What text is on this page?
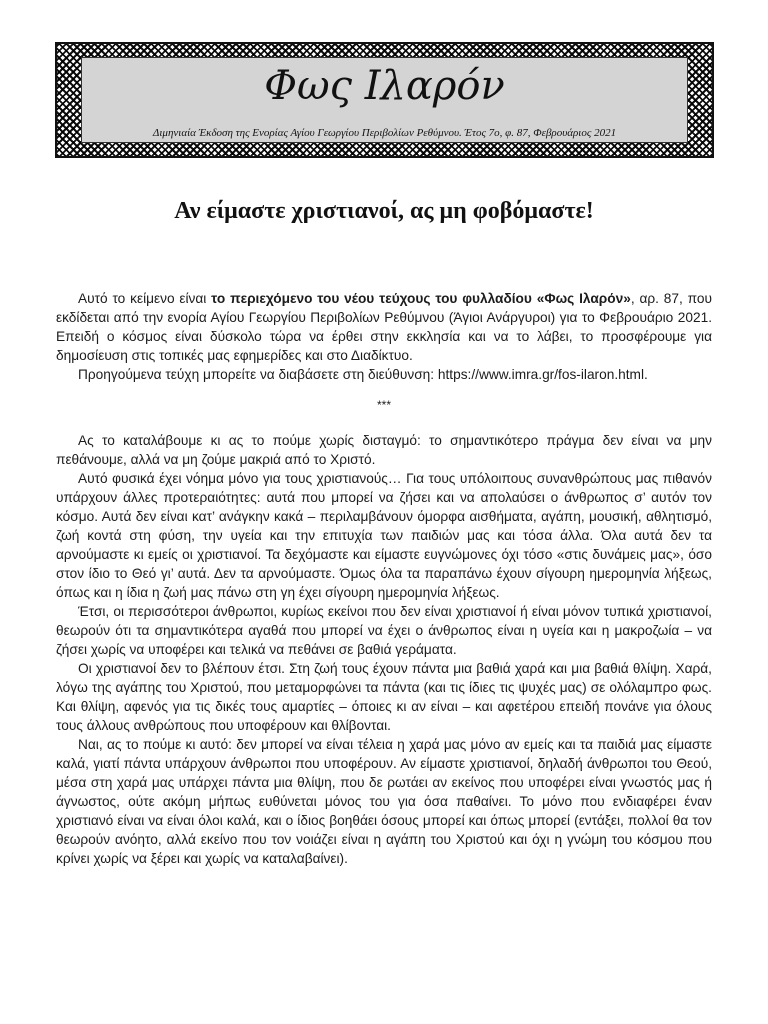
Φως Ιλαρόν
Διμηνιαία Έκδοση της Ενορίας Αγίου Γεωργίου Περιβολίων Ρεθύμνου. Έτος 7ο, φ. 87, Φεβρουάριος 2021
Αν είμαστε χριστιανοί, ας μη φοβόμαστε!

Αυτό το κείμενο είναι το περιεχόμενο του νέου τεύχους του φυλλαδίου «Φως Ιλαρόν», αρ. 87, που εκδίδεται από την ενορία Αγίου Γεωργίου Περιβολίων Ρεθύμνου (Άγιοι Ανάργυροι) για το Φεβρουάριο 2021. Επειδή ο κόσμος είναι δύσκολο τώρα να έρθει στην εκκλησία και να το λάβει, το προσφέρουμε για δημοσίευση στις τοπικές μας εφημερίδες και στο Διαδίκτυο.

Προηγούμενα τεύχη μπορείτε να διαβάσετε στη διεύθυνση: https://www.imra.gr/fos-ilaron.html.

***

Ας το καταλάβουμε κι ας το πούμε χωρίς δισταγμό: το σημαντικότερο πράγμα δεν είναι να μην πεθάνουμε, αλλά να μη ζούμε μακριά από το Χριστό.

Αυτό φυσικά έχει νόημα μόνο για τους χριστιανούς… Για τους υπόλοιπους συνανθρώπους μας πιθανόν υπάρχουν άλλες προτεραιότητες: αυτά που μπορεί να ζήσει και να απολαύσει ο άνθρωπος σ’ αυτόν τον κόσμο. Αυτά δεν είναι κατ’ ανάγκην κακά – περιλαμβάνουν όμορφα αισθήματα, αγάπη, μουσική, αθλητισμό, ζωή κοντά στη φύση, την υγεία και την επιτυχία των παιδιών μας και τόσα άλλα. Όλα αυτά δεν τα αρνούμαστε κι εμείς οι χριστιανοί. Τα δεχόμαστε και είμαστε ευγνώμονες όχι τόσο «στις δυνάμεις μας», όσο στον ίδιο το Θεό γι’ αυτά. Δεν τα αρνούμαστε. Όμως όλα τα παραπάνω έχουν σίγουρη ημερομηνία λήξεως, όπως και η ίδια η ζωή μας πάνω στη γη έχει σίγουρη ημερομηνία λήξεως.

Έτσι, οι περισσότεροι άνθρωποι, κυρίως εκείνοι που δεν είναι χριστιανοί ή είναι μόνον τυπικά χριστιανοί, θεωρούν ότι τα σημαντικότερα αγαθά που μπορεί να έχει ο άνθρωπος είναι η υγεία και η μακροζωία – να ζήσει χωρίς να υποφέρει και τελικά να πεθάνει σε βαθιά γεράματα.

Οι χριστιανοί δεν το βλέπουν έτσι. Στη ζωή τους έχουν πάντα μια βαθιά χαρά και μια βαθιά θλίψη. Χαρά, λόγω της αγάπης του Χριστού, που μεταμορφώνει τα πάντα (και τις ίδιες τις ψυχές μας) σε ολόλαμπρο φως. Και θλίψη, αφενός για τις δικές τους αμαρτίες – όποιες κι αν είναι – και αφετέρου επειδή πονάνε για όλους τους άλλους ανθρώπους που υποφέρουν και θλίβονται.

Ναι, ας το πούμε κι αυτό: δεν μπορεί να είναι τέλεια η χαρά μας μόνο αν εμείς και τα παιδιά μας είμαστε καλά, γιατί πάντα υπάρχουν άνθρωποι που υποφέρουν. Αν είμαστε χριστιανοί, δηλαδή άνθρωποι του Θεού, μέσα στη χαρά μας υπάρχει πάντα μια θλίψη, που δε ρωτάει αν εκείνος που υποφέρει είναι γνωστός μας ή άγνωστος, ούτε ακόμη μήπως ευθύνεται μόνος του για όσα παθαίνει. Το μόνο που ενδιαφέρει έναν χριστιανό είναι να είναι όλοι καλά, και ο ίδιος βοηθάει όσους μπορεί και όπως μπορεί (εντάξει, πολλοί θα τον θεωρούν ανόητο, αλλά εκείνο που τον νοιάζει είναι η αγάπη του Χριστού και όχι η γνώμη του κόσμου που κρίνει χωρίς να ξέρει και χωρίς να καταλαβαίνει).
